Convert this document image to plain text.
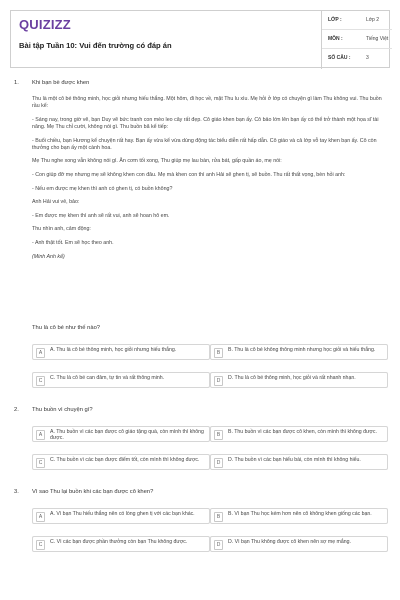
QUIZIZZ
Bài tập Tuần 10: Vui đến trường có đáp án
LỚP :	Lớp 2
MÔN :	Tiếng Việt
SỐ CÂU :	3
1. Khi bạn bè được khen

Thu là một cô bé thông minh, học giỏi nhưng hiếu thắng. Một hôm, đi học về, mặt Thu lu xìu. Mẹ hỏi ở lớp có chuyện gì làm Thu không vui. Thu buồn rầu kể:

- Sáng nay, trong giờ vẽ, bạn Duy vẽ bức tranh con mèo leo cây rất đẹp. Cô giáo khen bạn ấy. Cô bảo lớn lên bạn ấy có thể trở thành một họa sĩ tài năng. Mẹ Thu chỉ cười, không nói gì. Thu buồn bã kể tiếp:

- Buổi chiều, bạn Hương kể chuyện rất hay. Bạn ấy vừa kể vừa dùng động tác biểu diễn rất hấp dẫn. Cô giáo và cả lớp vỗ tay khen bạn ấy. Cô còn thưởng cho bạn ấy một cành hoa.

Mẹ Thu nghe xong vẫn không nói gì. Ăn cơm tối xong, Thu giúp mẹ lau bàn, rửa bát, gấp quần áo, mẹ nói:

- Con giúp đỡ mẹ nhưng mẹ sẽ không khen con đâu. Mẹ mà khen con thì anh Hải sẽ ghen tị, sẽ buồn. Thu rất thất vọng, bèn hỏi anh:

- Nếu em được mẹ khen thì anh có ghen tị, có buồn không?

Anh Hải vui vẻ, bảo:

- Em được mẹ khen thì anh sẽ rất vui, anh sẽ hoan hô em.

Thu nhìn anh, cảm động:

- Anh thật tốt. Em sẽ học theo anh.

(Minh Anh kể)

Thu là cô bé như thế nào?
A
A. Thu là cô bé thông minh, học giỏi nhưng hiếu thắng.
B
B. Thu là cô bé không thông minh nhưng học giỏi và hiếu thắng.
C
C. Thu là cô bé can đảm, tự tin và rất thông minh.
D
D. Thu là cô bé thông minh, học giỏi và rất nhanh nhạn.
2. Thu buồn vì chuyện gì?
A
A. Thu buồn vì các bạn được cô giáo tặng quà, còn mình thì không được.
B
B. Thu buồn vì các bạn được cô khen, còn mình thì không được.
C
C. Thu buồn vì các bạn được điểm tốt, còn mình thì không được.
D
D. Thu buồn vì các bạn hiểu bài, còn mình thì không hiểu.
3. Vì sao Thu lại buồn khi các bạn được cô khen?
A
A. Vì bạn Thu hiếu thắng nên có lòng ghen tị với các bạn khác.
B
B. Vì bạn Thu học kém hơn nên cô không khen giống các bạn.
C
C. Vì các bạn được phần thưởng còn bạn Thu không được.
D
D. Vì bạn Thu không được cô khen nên sợ mẹ mắng.
